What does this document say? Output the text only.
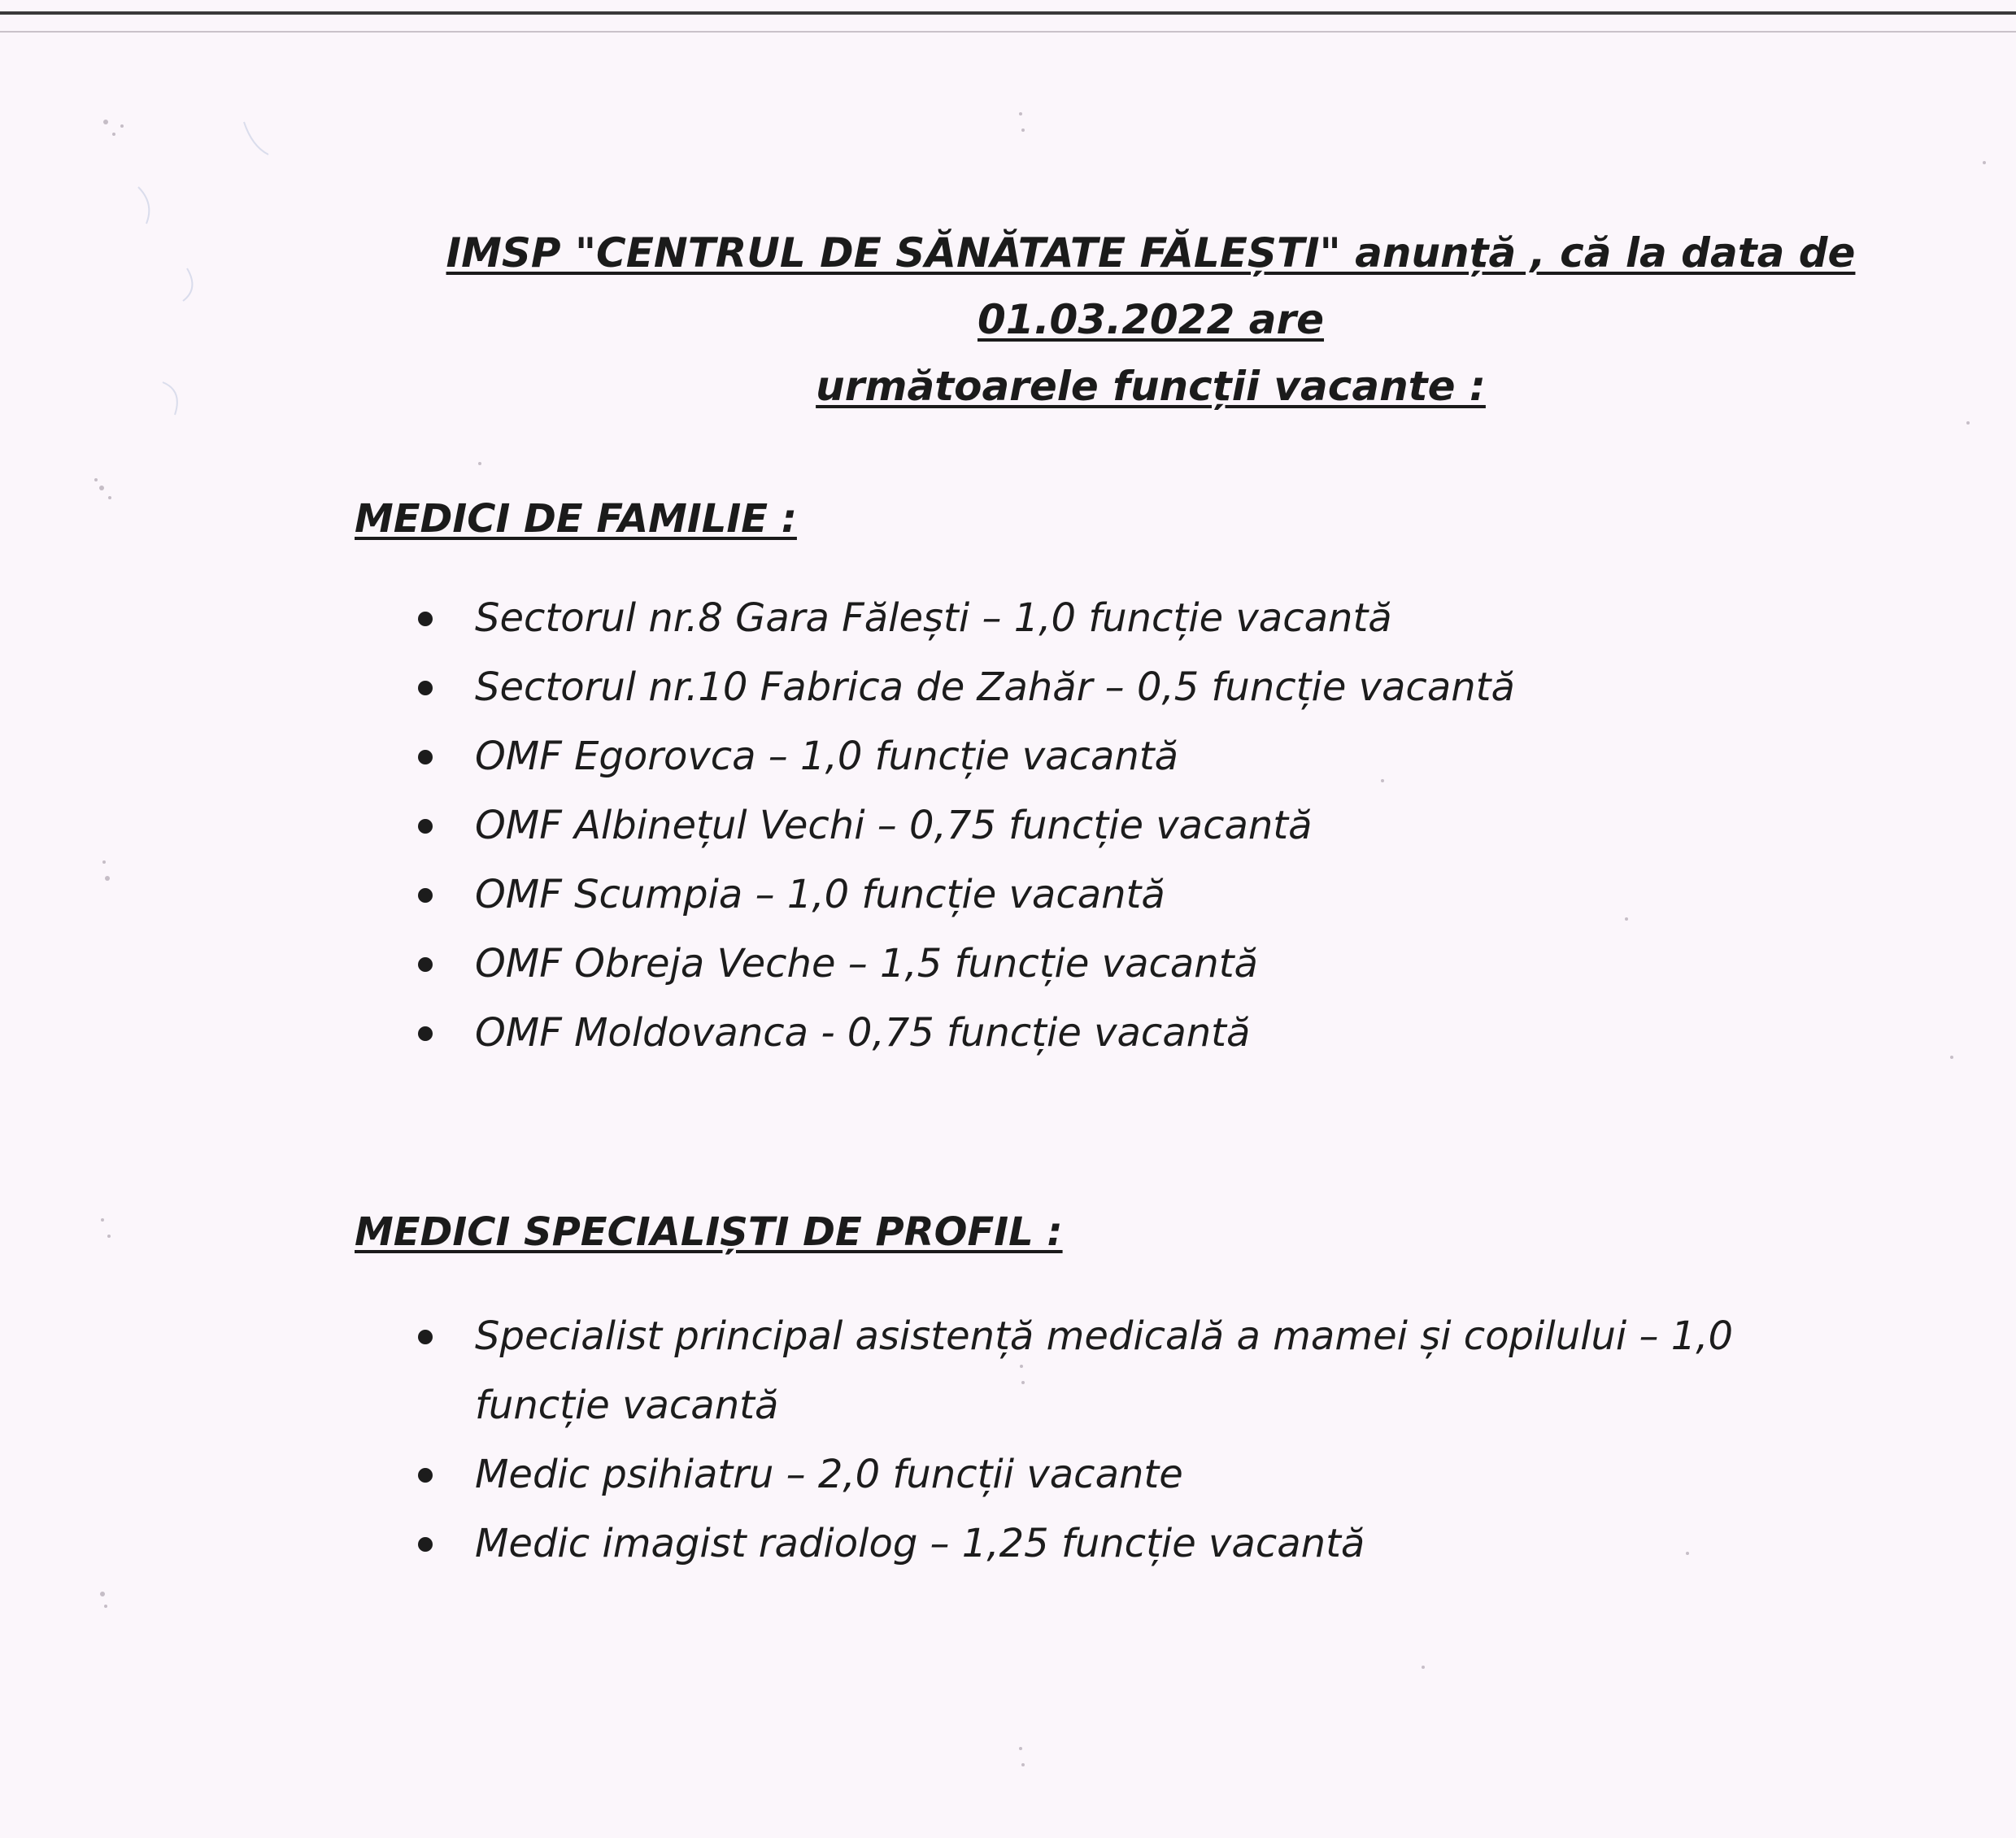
IMSP "CENTRUL DE SĂNĂTATE FĂLEȘTI" anunță , că la data de 01.03.2022 are
următoarele funcții vacante :
MEDICI DE FAMILIE :
Sectorul nr.8 Gara Fălești – 1,0 funcție vacantă
Sectorul nr.10 Fabrica de Zahăr – 0,5 funcție vacantă
OMF Egorovca – 1,0 funcție vacantă
OMF Albinețul Vechi – 0,75 funcție vacantă
OMF Scumpia – 1,0 funcție vacantă
OMF Obreja Veche – 1,5 funcție vacantă
OMF Moldovanca - 0,75 funcție vacantă
MEDICI SPECIALIȘTI DE PROFIL :
Specialist principal asistență medicală a mamei și copilului – 1,0 funcție vacantă
Medic psihiatru – 2,0 funcții vacante
Medic imagist radiolog – 1,25 funcție vacantă
